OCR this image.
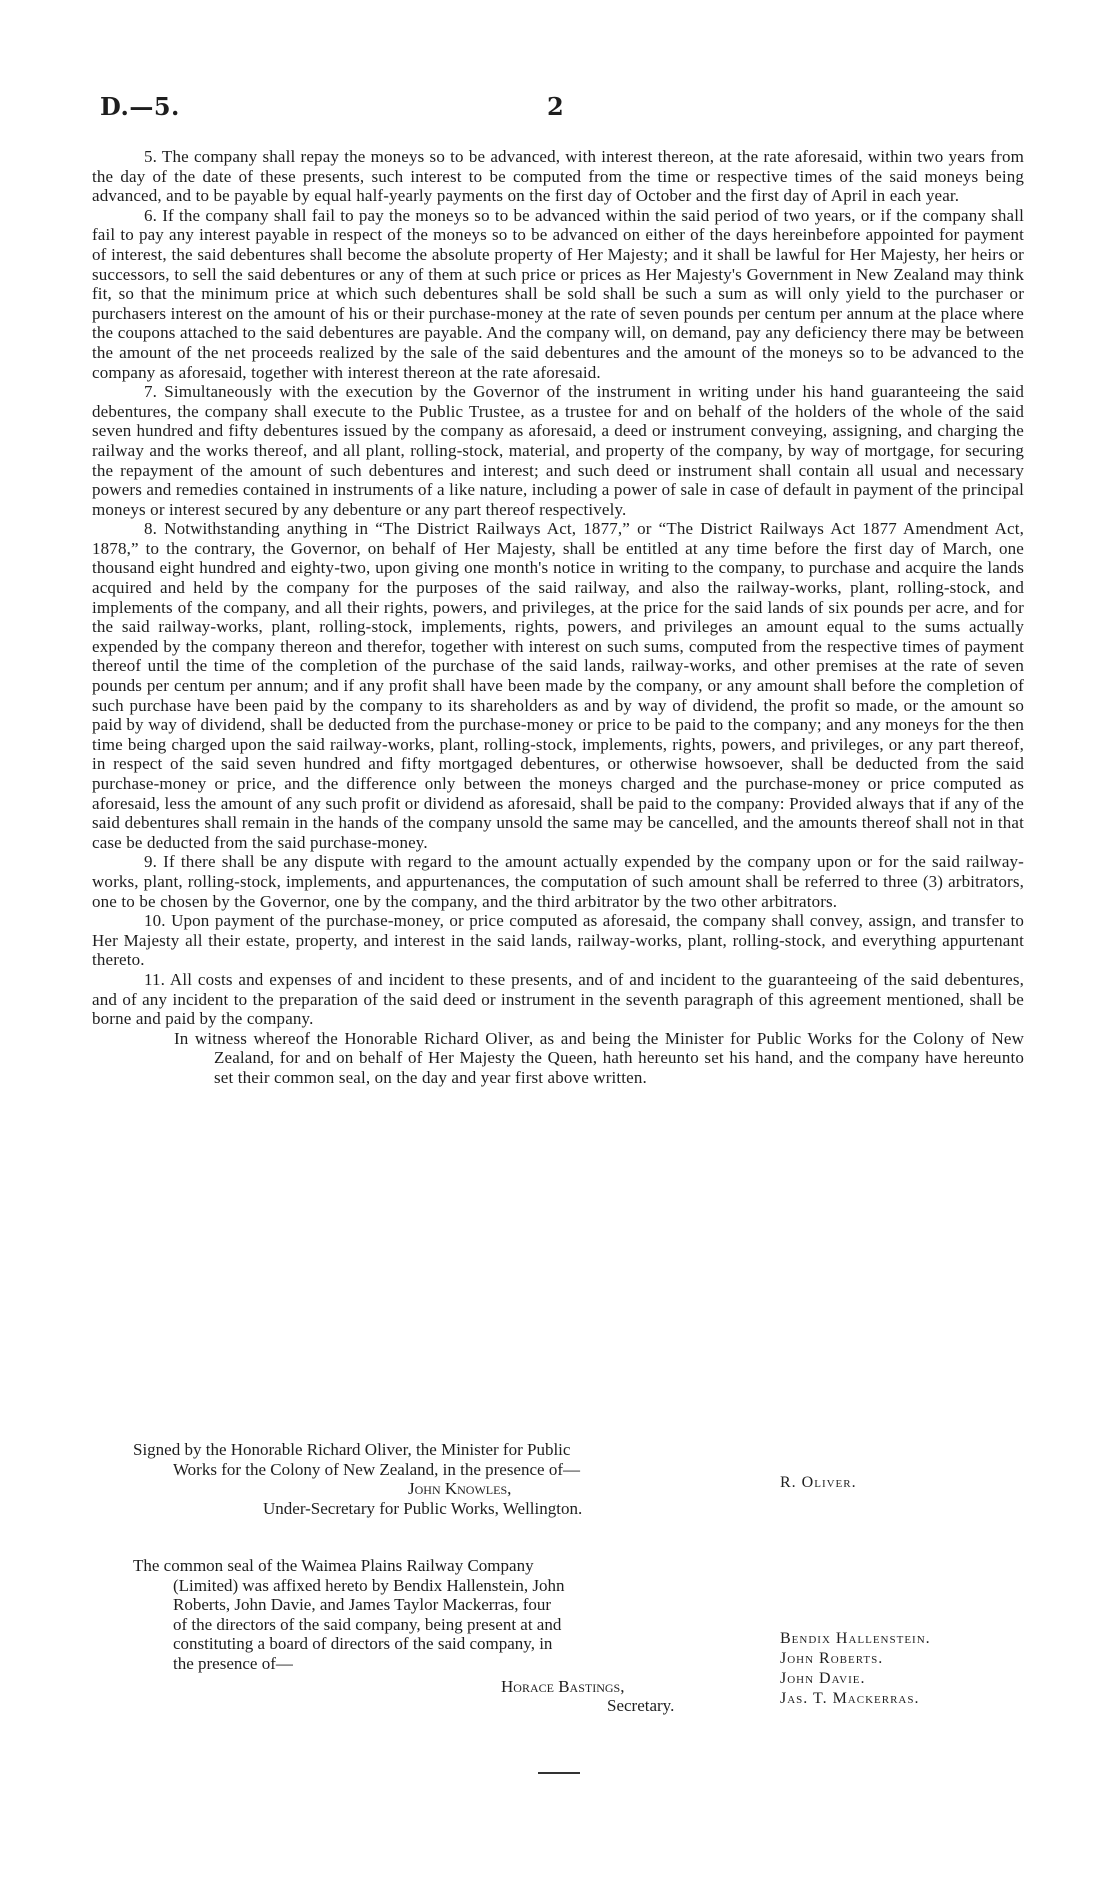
D.—5.	2

5. The company shall repay the moneys so to be advanced, with interest thereon, at the rate aforesaid, within two years from the day of the date of these presents, such interest to be computed from the time or respective times of the said moneys being advanced, and to be payable by equal half-yearly payments on the first day of October and the first day of April in each year.

6. If the company shall fail to pay the moneys so to be advanced within the said period of two years, or if the company shall fail to pay any interest payable in respect of the moneys so to be advanced on either of the days hereinbefore appointed for payment of interest, the said debentures shall become the absolute property of Her Majesty; and it shall be lawful for Her Majesty, her heirs or successors, to sell the said debentures or any of them at such price or prices as Her Majesty's Government in New Zealand may think fit, so that the minimum price at which such debentures shall be sold shall be such a sum as will only yield to the purchaser or purchasers interest on the amount of his or their purchase-money at the rate of seven pounds per centum per annum at the place where the coupons attached to the said debentures are payable. And the company will, on demand, pay any deficiency there may be between the amount of the net proceeds realized by the sale of the said debentures and the amount of the moneys so to be advanced to the company as aforesaid, together with interest thereon at the rate aforesaid.

7. Simultaneously with the execution by the Governor of the instrument in writing under his hand guaranteeing the said debentures, the company shall execute to the Public Trustee, as a trustee for and on behalf of the holders of the whole of the said seven hundred and fifty debentures issued by the company as aforesaid, a deed or instrument conveying, assigning, and charging the railway and the works thereof, and all plant, rolling-stock, material, and property of the company, by way of mortgage, for securing the repayment of the amount of such debentures and interest; and such deed or instrument shall contain all usual and necessary powers and remedies contained in instruments of a like nature, including a power of sale in case of default in payment of the principal moneys or interest secured by any debenture or any part thereof respectively.

8. Notwithstanding anything in “The District Railways Act, 1877,” or “The District Railways Act 1877 Amendment Act, 1878,” to the contrary, the Governor, on behalf of Her Majesty, shall be entitled at any time before the first day of March, one thousand eight hundred and eighty-two, upon giving one month's notice in writing to the company, to purchase and acquire the lands acquired and held by the company for the purposes of the said railway, and also the railway-works, plant, rolling-stock, and implements of the company, and all their rights, powers, and privileges, at the price for the said lands of six pounds per acre, and for the said railway-works, plant, rolling-stock, implements, rights, powers, and privileges an amount equal to the sums actually expended by the company thereon and therefor, together with interest on such sums, computed from the respective times of payment thereof until the time of the completion of the purchase of the said lands, railway-works, and other premises at the rate of seven pounds per centum per annum; and if any profit shall have been made by the company, or any amount shall before the completion of such purchase have been paid by the company to its shareholders as and by way of dividend, the profit so made, or the amount so paid by way of dividend, shall be deducted from the purchase-money or price to be paid to the company; and any moneys for the then time being charged upon the said railway-works, plant, rolling-stock, implements, rights, powers, and privileges, or any part thereof, in respect of the said seven hundred and fifty mortgaged debentures, or otherwise howsoever, shall be deducted from the said purchase-money or price, and the difference only between the moneys charged and the purchase-money or price computed as aforesaid, less the amount of any such profit or dividend as aforesaid, shall be paid to the company: Provided always that if any of the said debentures shall remain in the hands of the company unsold the same may be cancelled, and the amounts thereof shall not in that case be deducted from the said purchase-money.

9. If there shall be any dispute with regard to the amount actually expended by the company upon or for the said railway-works, plant, rolling-stock, implements, and appurtenances, the computation of such amount shall be referred to three (3) arbitrators, one to be chosen by the Governor, one by the company, and the third arbitrator by the two other arbitrators.

10. Upon payment of the purchase-money, or price computed as aforesaid, the company shall convey, assign, and transfer to Her Majesty all their estate, property, and interest in the said lands, railway-works, plant, rolling-stock, and everything appurtenant thereto.

11. All costs and expenses of and incident to these presents, and of and incident to the guaranteeing of the said debentures, and of any incident to the preparation of the said deed or instrument in the seventh paragraph of this agreement mentioned, shall be borne and paid by the company.

In witness whereof the Honorable Richard Oliver, as and being the Minister for Public Works for the Colony of New Zealand, for and on behalf of Her Majesty the Queen, hath hereunto set his hand, and the company have hereunto set their common seal, on the day and year first above written.
Signed by the Honorable Richard Oliver, the Minister for Public
Works for the Colony of New Zealand, in the presence of—
John Knowles,
Under-Secretary for Public Works, Wellington.
R. Oliver.
The common seal of the Waimea Plains Railway Company
(Limited) was affixed hereto by Bendix Hallenstein, John
Roberts, John Davie, and James Taylor Mackerras, four
of the directors of the said company, being present at and
constituting a board of directors of the said company, in
the presence of—
Horace Bastings,
Secretary.
Bendix Hallenstein.
John Roberts.
John Davie.
Jas. T. Mackerras.
